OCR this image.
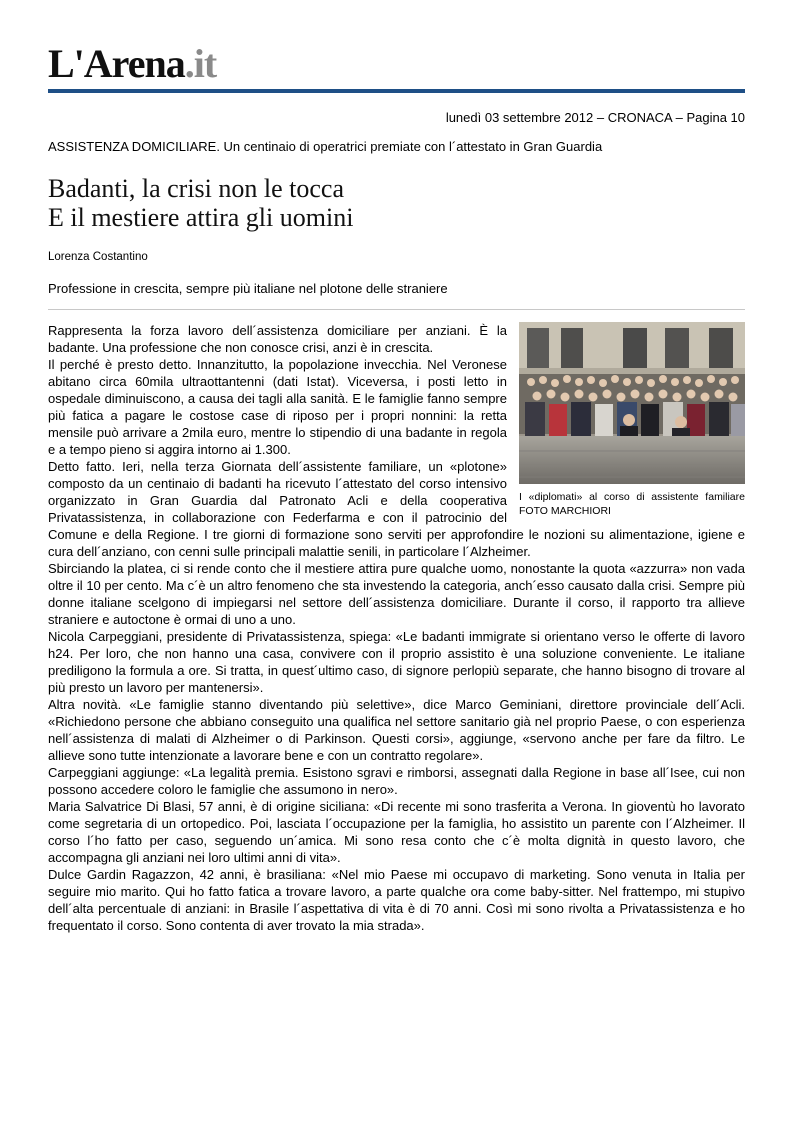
L'Arena.it
lunedì 03 settembre 2012 – CRONACA – Pagina 10
ASSISTENZA DOMICILIARE. Un centinaio di operatrici premiate con l´attestato in Gran Guardia
Badanti, la crisi non le tocca
E il mestiere attira gli uomini
Lorenza Costantino
Professione in crescita, sempre più italiane nel plotone delle straniere
I «diplomati» al corso di assistente familiare FOTO MARCHIORI

Rappresenta la forza lavoro dell´assistenza domiciliare per anziani. È la badante. Una professione che non conosce crisi, anzi è in crescita.

Il perché è presto detto. Innanzitutto, la popolazione invecchia. Nel Veronese abitano circa 60mila ultraottantenni (dati Istat). Viceversa, i posti letto in ospedale diminuiscono, a causa dei tagli alla sanità. E le famiglie fanno sempre più fatica a pagare le costose case di riposo per i propri nonnini: la retta mensile può arrivare a 2mila euro, mentre lo stipendio di una badante in regola e a tempo pieno si aggira intorno ai 1.300.

Detto fatto. Ieri, nella terza Giornata dell´assistente familiare, un «plotone» composto da un centinaio di badanti ha ricevuto l´attestato del corso intensivo organizzato in Gran Guardia dal Patronato Acli e della cooperativa Privatassistenza, in collaborazione con Federfarma e con il patrocinio del Comune e della Regione. I tre giorni di formazione sono serviti per approfondire le nozioni su alimentazione, igiene e cura dell´anziano, con cenni sulle principali malattie senili, in particolare l´Alzheimer.

Sbirciando la platea, ci si rende conto che il mestiere attira pure qualche uomo, nonostante la quota «azzurra» non vada oltre il 10 per cento. Ma c´è un altro fenomeno che sta investendo la categoria, anch´esso causato dalla crisi. Sempre più donne italiane scelgono di impiegarsi nel settore dell´assistenza domiciliare. Durante il corso, il rapporto tra allieve straniere e autoctone è ormai di uno a uno.

Nicola Carpeggiani, presidente di Privatassistenza, spiega: «Le badanti immigrate si orientano verso le offerte di lavoro h24. Per loro, che non hanno una casa, convivere con il proprio assistito è una soluzione conveniente. Le italiane prediligono la formula a ore. Si tratta, in quest´ultimo caso, di signore perlopiù separate, che hanno bisogno di trovare al più presto un lavoro per mantenersi».

Altra novità. «Le famiglie stanno diventando più selettive», dice Marco Geminiani, direttore provinciale dell´Acli. «Richiedono persone che abbiano conseguito una qualifica nel settore sanitario già nel proprio Paese, o con esperienza nell´assistenza di malati di Alzheimer o di Parkinson. Questi corsi», aggiunge, «servono anche per fare da filtro. Le allieve sono tutte intenzionate a lavorare bene e con un contratto regolare».

Carpeggiani aggiunge: «La legalità premia. Esistono sgravi e rimborsi, assegnati dalla Regione in base all´Isee, cui non possono accedere coloro le famiglie che assumono in nero».

Maria Salvatrice Di Blasi, 57 anni, è di origine siciliana: «Di recente mi sono trasferita a Verona. In gioventù ho lavorato come segretaria di un ortopedico. Poi, lasciata l´occupazione per la famiglia, ho assistito un parente con l´Alzheimer. Il corso l´ho fatto per caso, seguendo un´amica. Mi sono resa conto che c´è molta dignità in questo lavoro, che accompagna gli anziani nei loro ultimi anni di vita».

Dulce Gardin Ragazzon, 42 anni, è brasiliana: «Nel mio Paese mi occupavo di marketing. Sono venuta in Italia per seguire mio marito. Qui ho fatto fatica a trovare lavoro, a parte qualche ora come baby-sitter. Nel frattempo, mi stupivo dell´alta percentuale di anziani: in Brasile l´aspettativa di vita è di 70 anni. Così mi sono rivolta a Privatassistenza e ho frequentato il corso. Sono contenta di aver trovato la mia strada».
